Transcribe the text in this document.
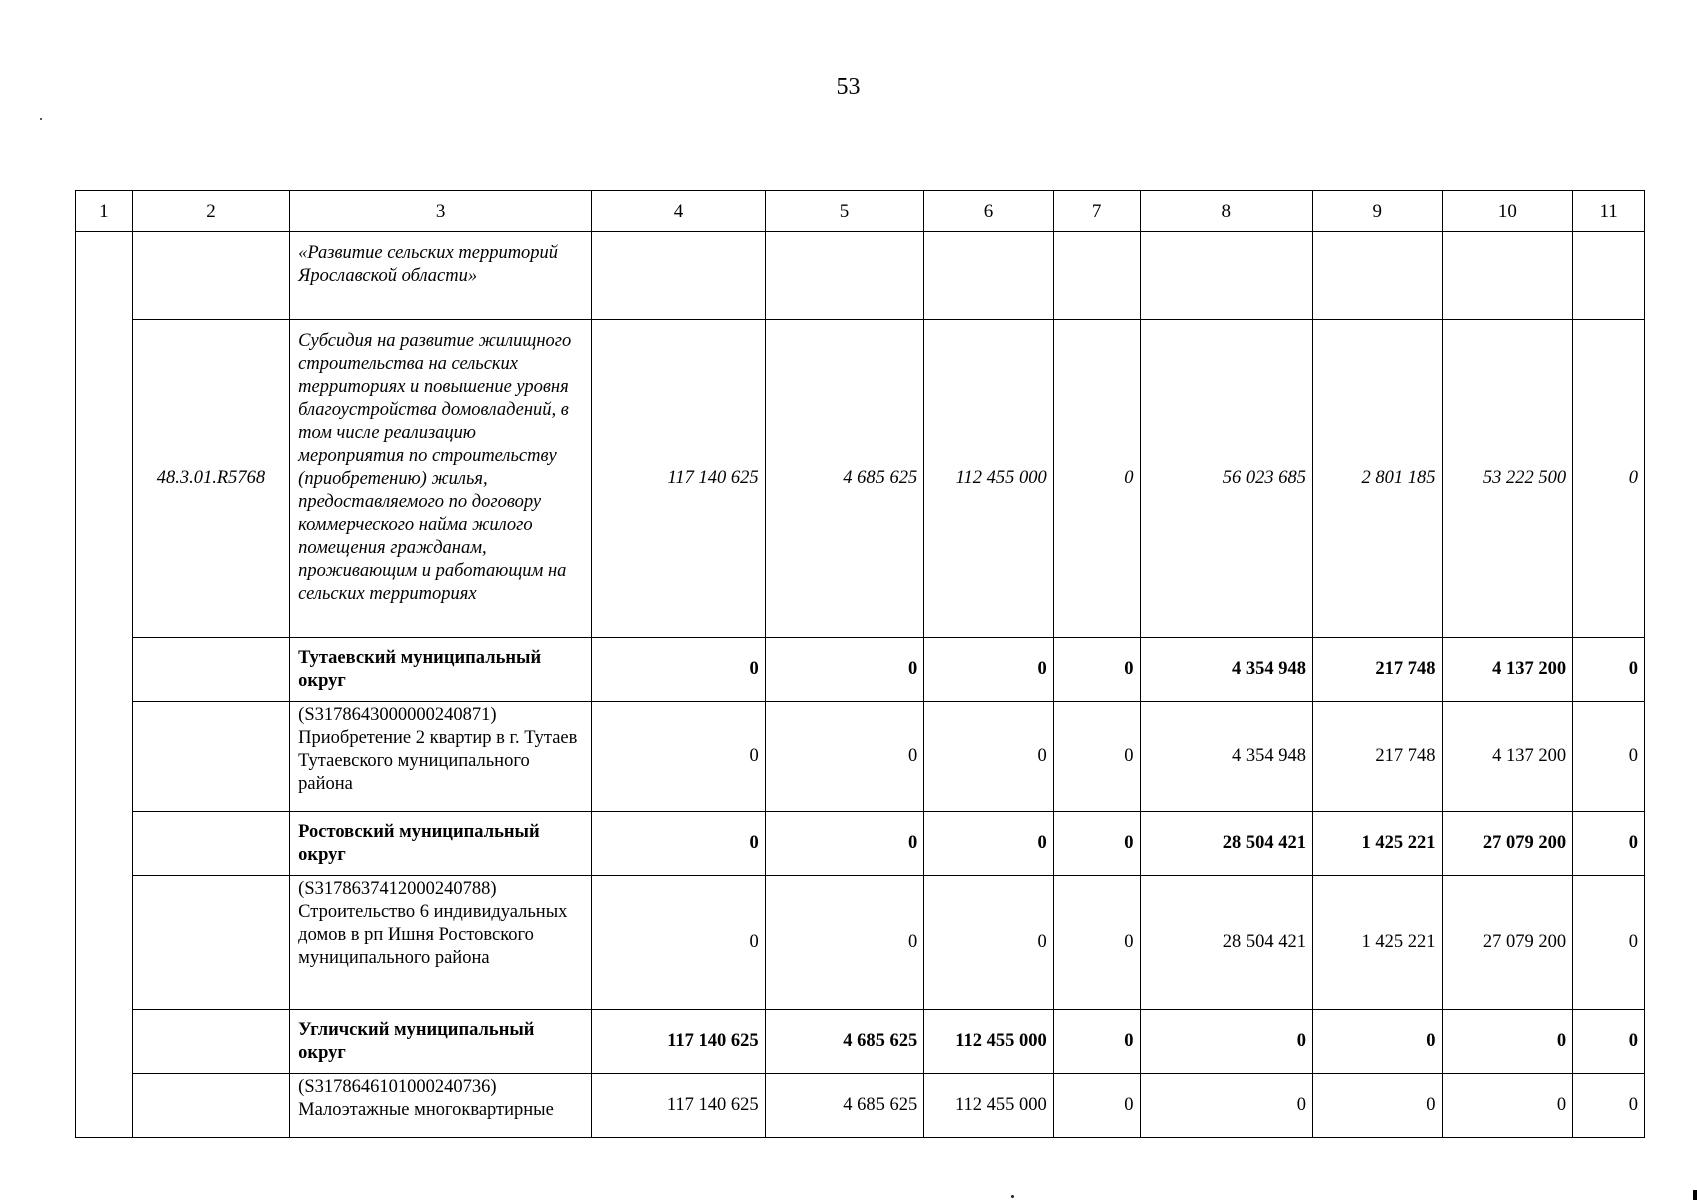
53
1	2	3	4	5	6	7	8	9	10	11
		«Развитие сельских территорий Ярославской области»								
	48.3.01.R5768	Субсидия на развитие жилищного строительства на сельских территориях и повышение уровня благоустройства домовладений, в том числе реализацию мероприятия по строительству (приобретению) жилья, предоставляемого по договору коммерческого найма жилого помещения гражданам, проживающим и работающим на сельских территориях	117 140 625	4 685 625	112 455 000	0	56 023 685	2 801 185	53 222 500	0
		Тутаевский муниципальный округ	0	0	0	0	4 354 948	217 748	4 137 200	0
		(S3178643000000240871) Приобретение 2 квартир в г. Тутаев Тутаевского муниципального района	0	0	0	0	4 354 948	217 748	4 137 200	0
		Ростовский муниципальный округ	0	0	0	0	28 504 421	1 425 221	27 079 200	0
		(S3178637412000240788) Строительство 6 индивидуальных домов в рп Ишня Ростовского муниципального района	0	0	0	0	28 504 421	1 425 221	27 079 200	0
		Угличский муниципальный округ	117 140 625	4 685 625	112 455 000	0	0	0	0	0
		(S3178646101000240736) Малоэтажные многоквартирные	117 140 625	4 685 625	112 455 000	0	0	0	0	0
